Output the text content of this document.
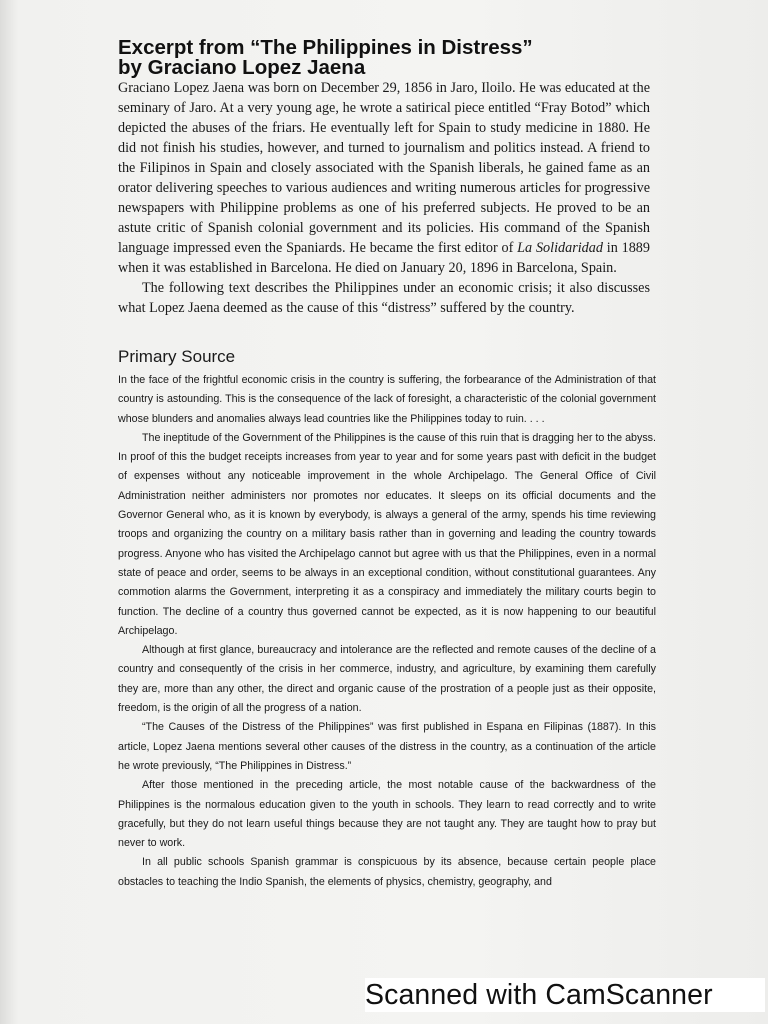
Excerpt from “The Philippines in Distress”
by Graciano Lopez Jaena

Graciano Lopez Jaena was born on December 29, 1856 in Jaro, Iloilo. He was educated at the seminary of Jaro. At a very young age, he wrote a satirical piece entitled “Fray Botod” which depicted the abuses of the friars. He eventually left for Spain to study medicine in 1880. He did not finish his studies, however, and turned to journalism and politics instead. A friend to the Filipinos in Spain and closely associated with the Spanish liberals, he gained fame as an orator delivering speeches to various audiences and writing numerous articles for progressive newspapers with Philippine problems as one of his preferred subjects. He proved to be an astute critic of Spanish colonial government and its policies. His command of the Spanish language impressed even the Spaniards. He became the first editor of La Solidaridad in 1889 when it was established in Barcelona. He died on January 20, 1896 in Barcelona, Spain.

The following text describes the Philippines under an economic crisis; it also discusses what Lopez Jaena deemed as the cause of this “distress” suffered by the country.

Primary Source

In the face of the frightful economic crisis in the country is suffering, the forbearance of the Administration of that country is astounding. This is the consequence of the lack of foresight, a characteristic of the colonial government whose blunders and anomalies always lead countries like the Philippines today to ruin. . . .

The ineptitude of the Government of the Philippines is the cause of this ruin that is dragging her to the abyss. In proof of this the budget receipts increases from year to year and for some years past with deficit in the budget of expenses without any noticeable improvement in the whole Archipelago. The General Office of Civil Administration neither administers nor promotes nor educates. It sleeps on its official documents and the Governor General who, as it is known by everybody, is always a general of the army, spends his time reviewing troops and organizing the country on a military basis rather than in governing and leading the country towards progress. Anyone who has visited the Archipelago cannot but agree with us that the Philippines, even in a normal state of peace and order, seems to be always in an exceptional condition, without constitutional guarantees. Any commotion alarms the Government, interpreting it as a conspiracy and immediately the military courts begin to function. The decline of a country thus governed cannot be expected, as it is now happening to our beautiful Archipelago.

Although at first glance, bureaucracy and intolerance are the reflected and remote causes of the decline of a country and consequently of the crisis in her commerce, industry, and agriculture, by examining them carefully they are, more than any other, the direct and organic cause of the prostration of a people just as their opposite, freedom, is the origin of all the progress of a nation.

“The Causes of the Distress of the Philippines” was first published in Espana en Filipinas (1887). In this article, Lopez Jaena mentions several other causes of the distress in the country, as a continuation of the article he wrote previously, “The Philippines in Distress.”

After those mentioned in the preceding article, the most notable cause of the backwardness of the Philippines is the normalous education given to the youth in schools. They learn to read correctly and to write gracefully, but they do not learn useful things because they are not taught any. They are taught how to pray but never to work.

In all public schools Spanish grammar is conspicuous by its absence, because certain people place obstacles to teaching the Indio Spanish, the elements of physics, chemistry, geography, and

Scanned with CamScanner
